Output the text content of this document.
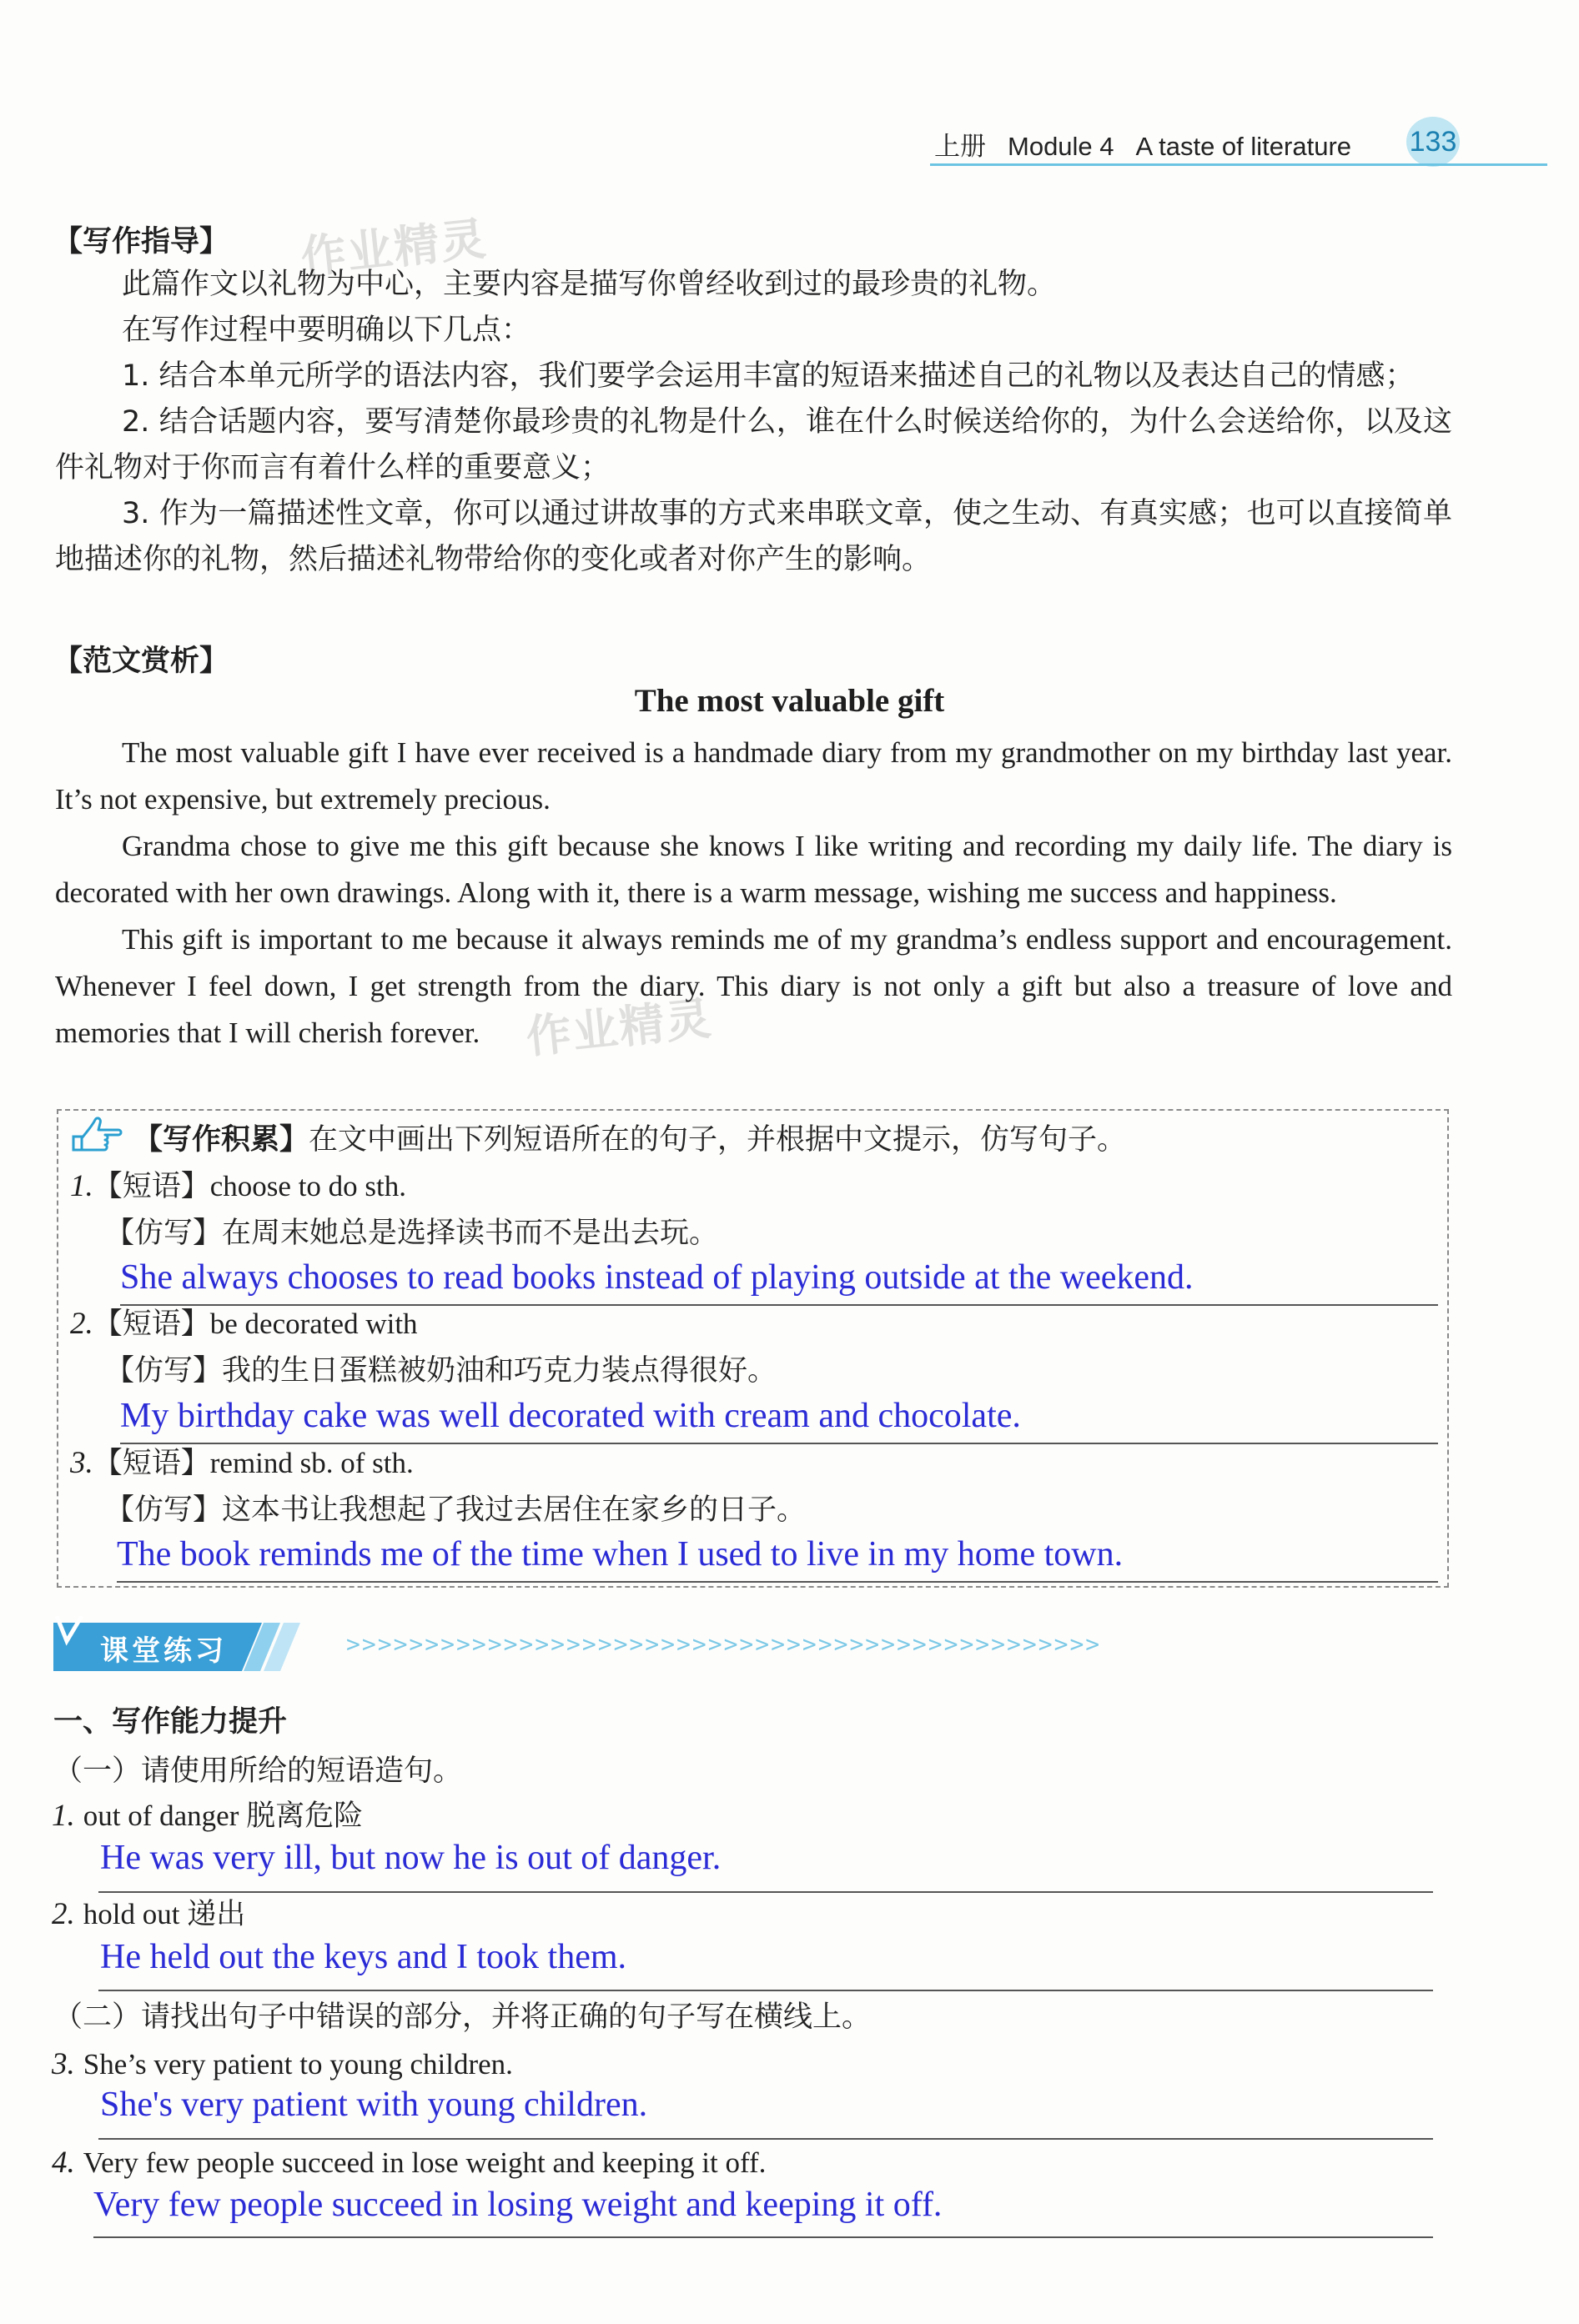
上册 Module 4 A taste of literature	133
作业精灵
作业精灵
【写作指导】

此篇作文以礼物为中心，主要内容是描写你曾经收到过的最珍贵的礼物。

在写作过程中要明确以下几点：

1. 结合本单元所学的语法内容，我们要学会运用丰富的短语来描述自己的礼物以及表达自己的情感；

2. 结合话题内容，要写清楚你最珍贵的礼物是什么，谁在什么时候送给你的，为什么会送给你，以及这件礼物对于你而言有着什么样的重要意义；

3. 作为一篇描述性文章，你可以通过讲故事的方式来串联文章，使之生动、有真实感；也可以直接简单地描述你的礼物，然后描述礼物带给你的变化或者对你产生的影响。

【范文赏析】
The most valuable gift

The most valuable gift I have ever received is a handmade diary from my grandmother on my birthday last year. It’s not expensive, but extremely precious.

Grandma chose to give me this gift because she knows I like writing and recording my daily life. The diary is decorated with her own drawings. Along with it, there is a warm message, wishing me success and happiness.

This gift is important to me because it always reminds me of my grandma’s endless support and encouragement. Whenever I feel down, I get strength from the diary. This diary is not only a gift but also a treasure of love and memories that I will cherish forever.

【写作积累】在文中画出下列短语所在的句子，并根据中文提示，仿写句子。
1.【短语】choose to do sth.
【仿写】在周末她总是选择读书而不是出去玩。
She always chooses to read books instead of playing outside at the weekend.
2.【短语】be decorated with
【仿写】我的生日蛋糕被奶油和巧克力装点得很好。
My birthday cake was well decorated with cream and chocolate.
3.【短语】remind sb. of sth.
【仿写】这本书让我想起了我过去居住在家乡的日子。
The book reminds me of the time when I used to live in my home town.
课堂练习	>>>>>>>>>>>>>>>>>>>>>>>>>>>>>>>>>>>>>>>>>>>>>>>>
一、写作能力提升
（一）请使用所给的短语造句。
1. out of danger 脱离危险
He was very ill, but now he is out of danger.
2. hold out 递出
He held out the keys and I took them.
（二）请找出句子中错误的部分，并将正确的句子写在横线上。
3. She’s very patient to young children.
She's very patient with young children.
4. Very few people succeed in lose weight and keeping it off.
Very few people succeed in losing weight and keeping it off.
